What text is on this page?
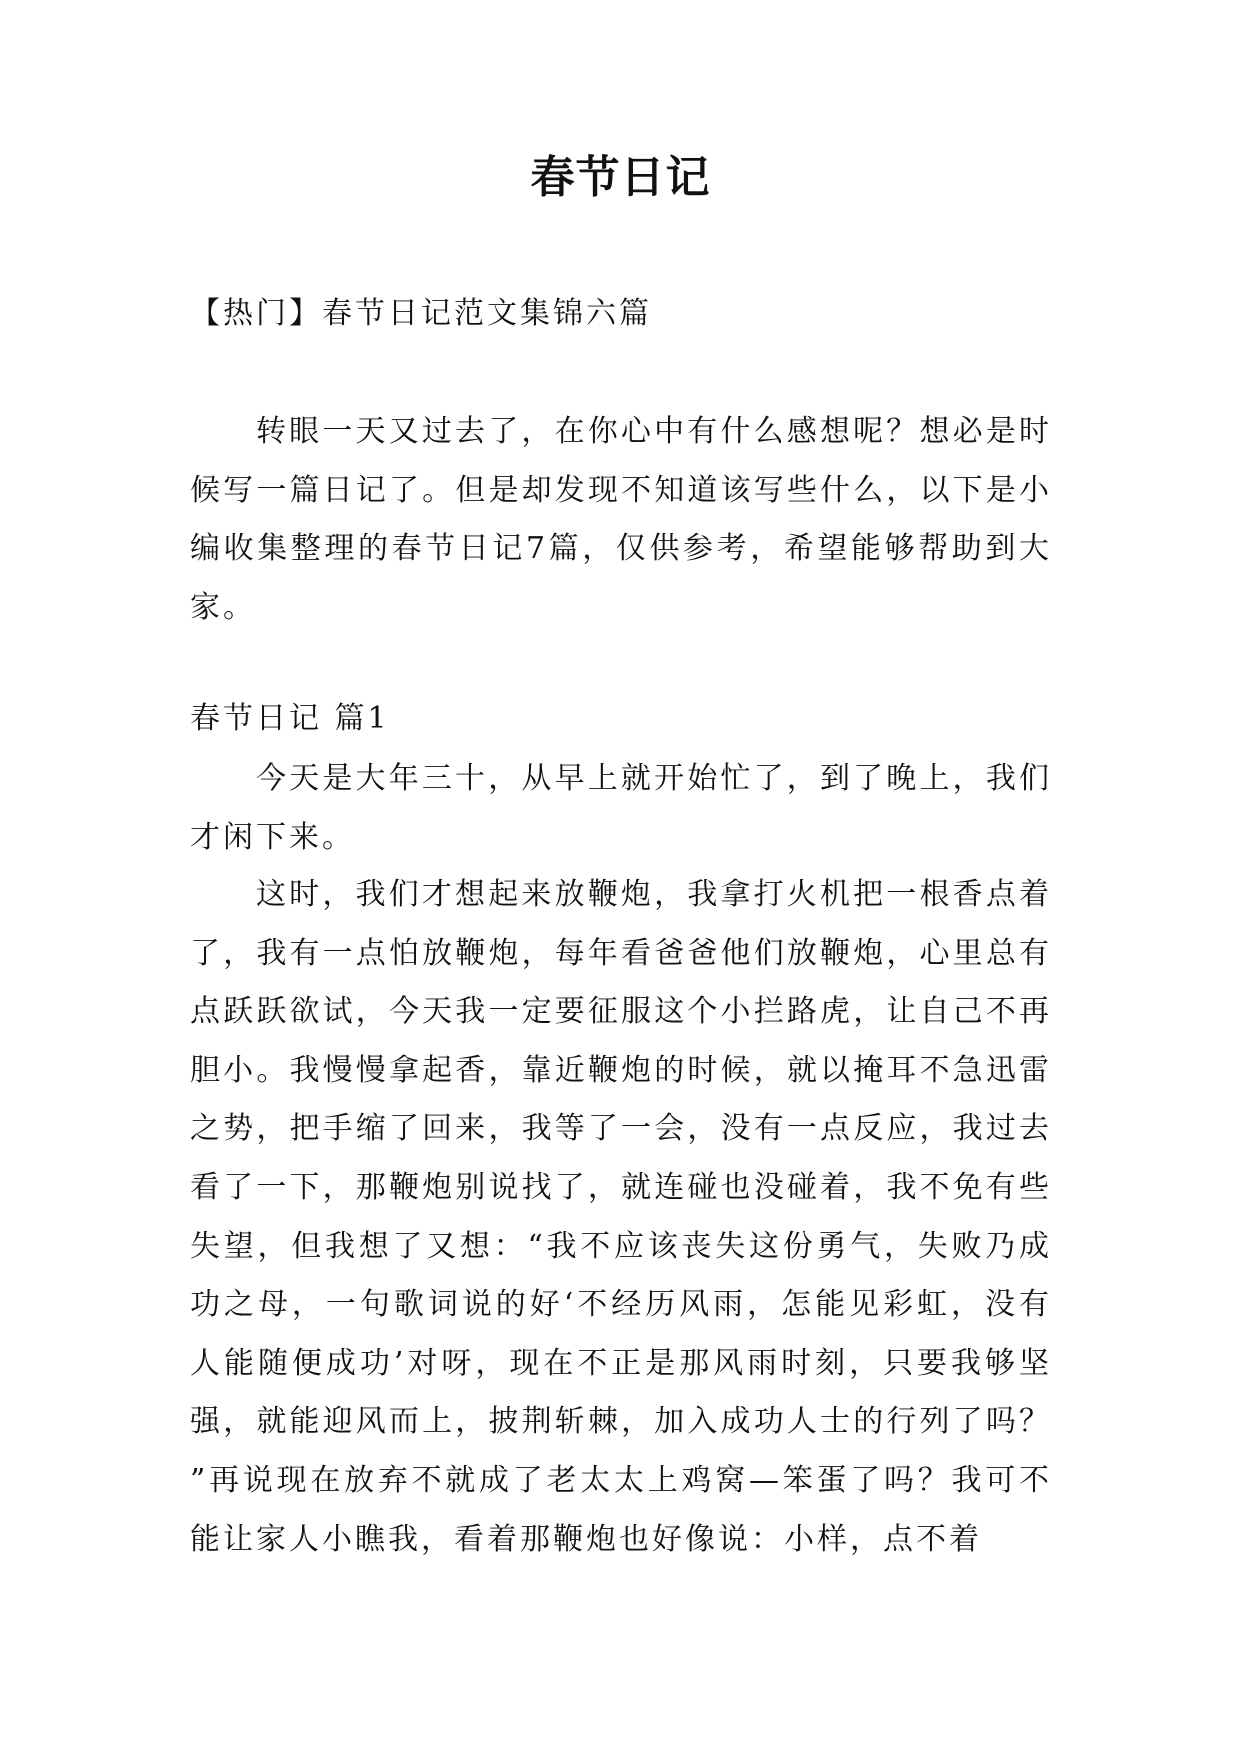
春节日记
【热门】春节日记范文集锦六篇
转眼一天又过去了，在你心中有什么感想呢？想必是时候写一篇日记了。但是却发现不知道该写些什么，以下是小编收集整理的春节日记7篇，仅供参考，希望能够帮助到大家。
春节日记 篇1
今天是大年三十，从早上就开始忙了，到了晚上，我们才闲下来。
这时，我们才想起来放鞭炮，我拿打火机把一根香点着了，我有一点怕放鞭炮，每年看爸爸他们放鞭炮，心里总有点跃跃欲试，今天我一定要征服这个小拦路虎，让自己不再胆小。我慢慢拿起香，靠近鞭炮的时候，就以掩耳不急迅雷之势，把手缩了回来，我等了一会，没有一点反应，我过去看了一下，那鞭炮别说找了，就连碰也没碰着，我不免有些失望，但我想了又想：“我不应该丧失这份勇气，失败乃成功之母，一句歌词说的好‘不经历风雨，怎能见彩虹，没有人能随便成功’对呀，现在不正是那风雨时刻，只要我够坚强，就能迎风而上，披荆斩棘，加入成功人士的行列了吗？”再说现在放弃不就成了老太太上鸡窝—笨蛋了吗？我可不能让家人小瞧我，看着那鞭炮也好像说：小样，点不着
